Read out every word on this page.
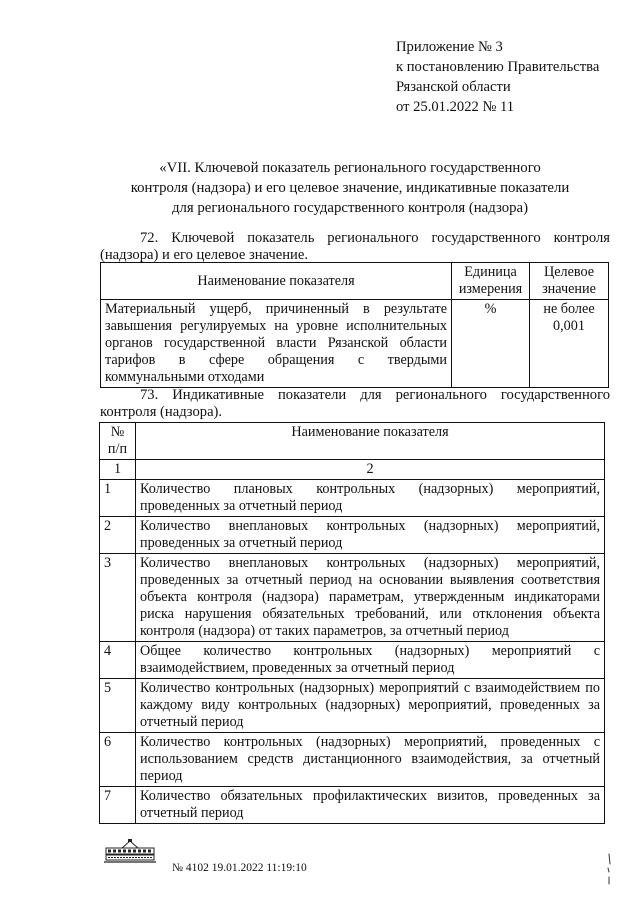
Приложение № 3
к постановлению Правительства
Рязанской области
от 25.01.2022 № 11
«VII. Ключевой показатель регионального государственного
контроля (надзора) и его целевое значение, индикативные показатели
для регионального государственного контроля (надзора)
72. Ключевой показатель регионального государственного контроля (надзора) и его целевое значение.
Наименование показателя	Единица измерения	Целевое значение
Материальный ущерб, причиненный в результате завышения регулируемых на уровне исполнительных органов государственной власти Рязанской области тарифов в сфере обращения с твердыми коммунальными отходами	%	не более 0,001
73. Индикативные показатели для регионального государственного контроля (надзора).
№ п/п	Наименование показателя
1	2
1	Количество плановых контрольных (надзорных) мероприятий, проведенных за отчетный период
2	Количество внеплановых контрольных (надзорных) мероприятий, проведенных за отчетный период
3	Количество внеплановых контрольных (надзорных) мероприятий, проведенных за отчетный период на основании выявления соответствия объекта контроля (надзора) параметрам, утвержденным индикаторами риска нарушения обязательных требований, или отклонения объекта контроля (надзора) от таких параметров, за отчетный период
4	Общее количество контрольных (надзорных) мероприятий с взаимодействием, проведенных за отчетный период
5	Количество контрольных (надзорных) мероприятий с взаимодействием по каждому виду контрольных (надзорных) мероприятий, проведенных за отчетный период
6	Количество контрольных (надзорных) мероприятий, проведенных с использованием средств дистанционного взаимодействия, за отчетный период
7	Количество обязательных профилактических визитов, проведенных за отчетный период
№ 4102 19.01.2022 11:19:10
